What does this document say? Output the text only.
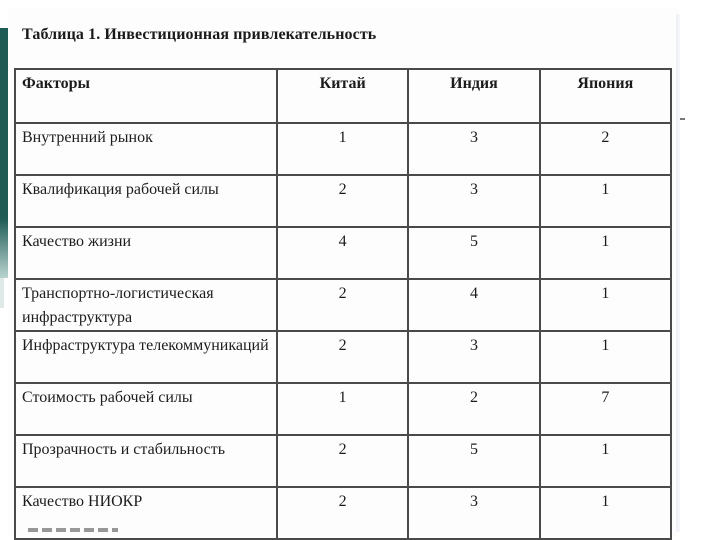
Таблица 1. Инвестиционная привлекательность
Факторы	Китай	Индия	Япония
Внутренний рынок	1	3	2
Квалификация рабочей силы	2	3	1
Качество жизни	4	5	1
Транспортно-логистическая инфраструктура	2	4	1
Инфраструктура телекоммуникаций	2	3	1
Стоимость рабочей силы	1	2	7
Прозрачность и стабильность	2	5	1
Качество НИОКР	2	3	1
